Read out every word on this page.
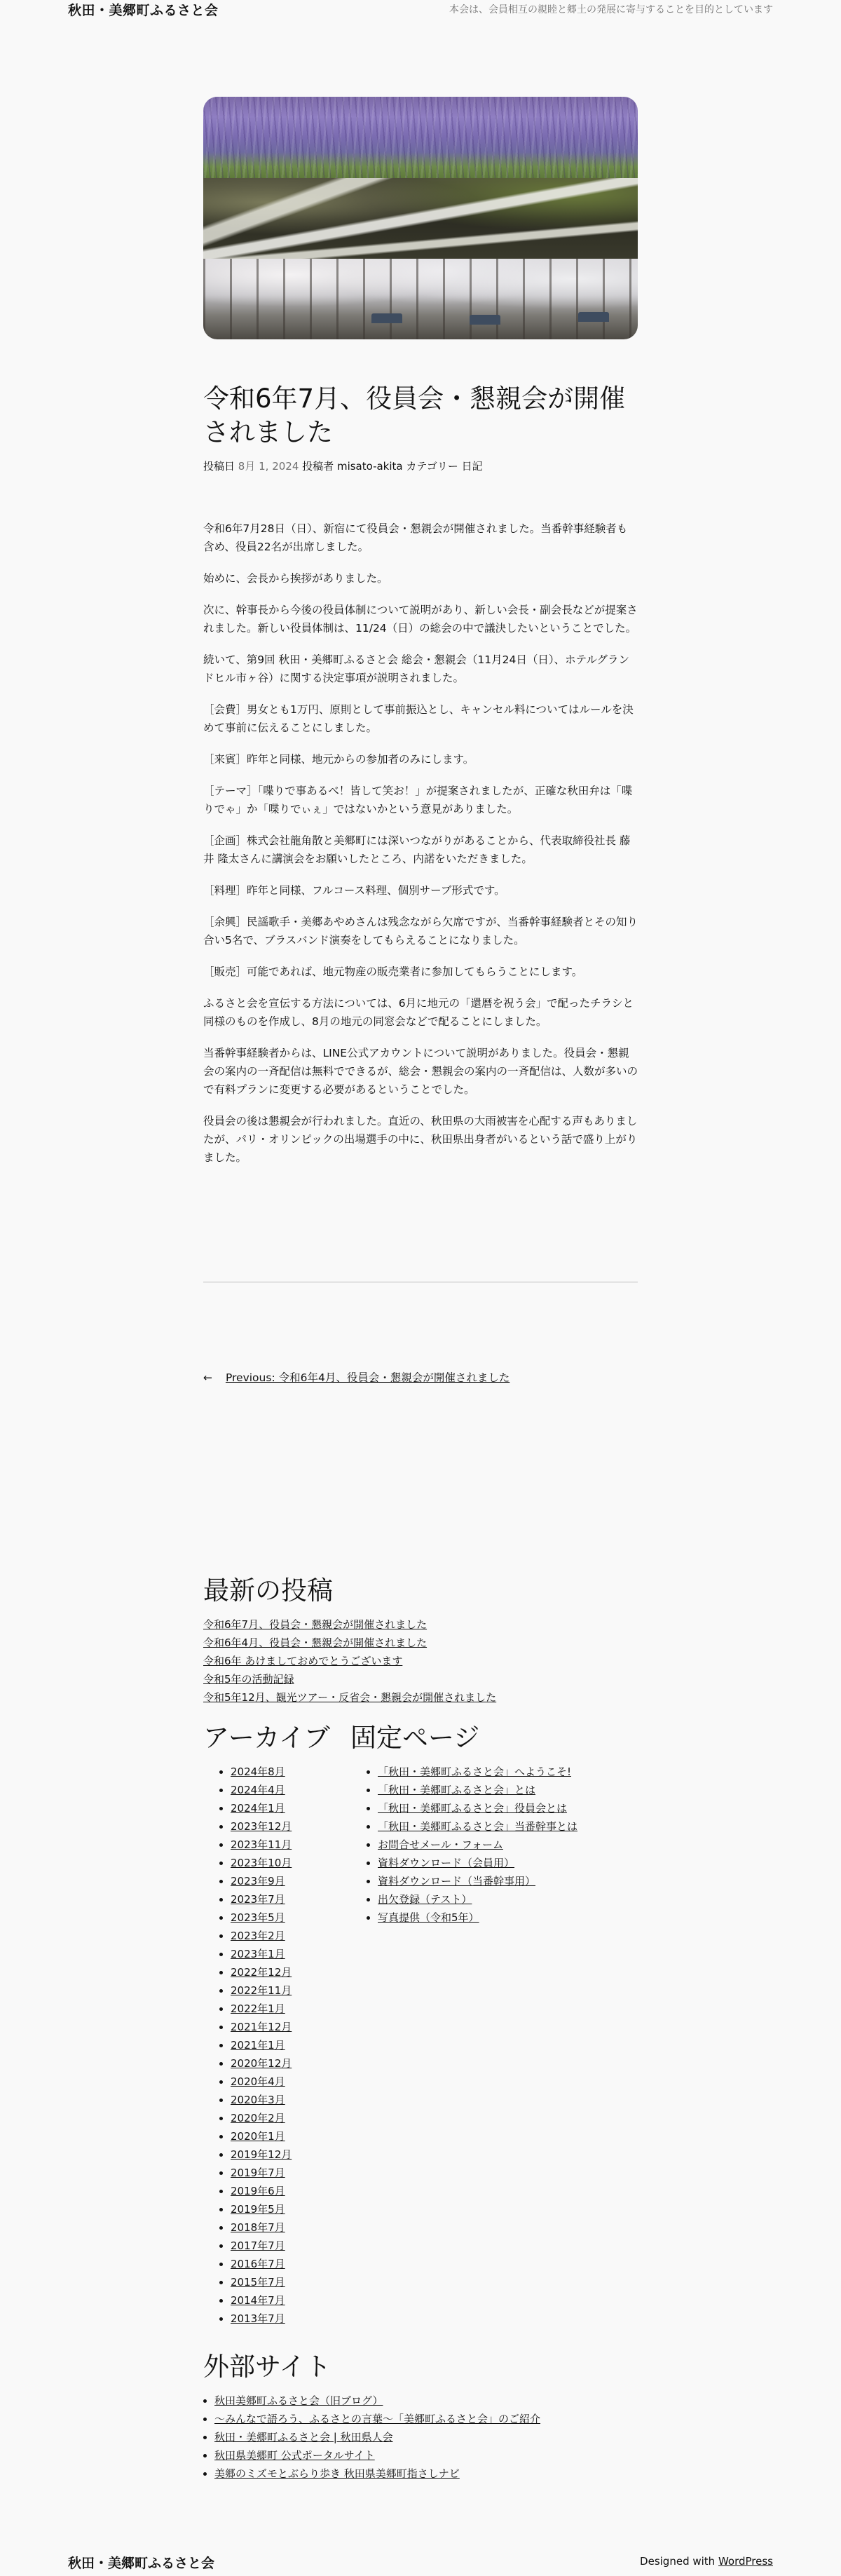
秋田・美郷町ふるさと会	本会は、会員相互の親睦と郷土の発展に寄与することを目的としています
令和6年7月、役員会・懇親会が開催されました
投稿日 8月 1, 2024 投稿者 misato-akita カテゴリー 日記

令和6年7月28日（日）、新宿にて役員会・懇親会が開催されました。当番幹事経験者も含め、役員22名が出席しました。

始めに、会長から挨拶がありました。

次に、幹事長から今後の役員体制について説明があり、新しい会長・副会長などが提案されました。新しい役員体制は、11/24（日）の総会の中で議決したいということでした。

続いて、第9回 秋田・美郷町ふるさと会 総会・懇親会（11月24日（日）、ホテルグランドヒル市ヶ谷）に関する決定事項が説明されました。

［会費］男女とも1万円、原則として事前振込とし、キャンセル料についてはルールを決めて事前に伝えることにしました。

［来賓］昨年と同様、地元からの参加者のみにします。

［テーマ］「喋りで事あるべ！皆して笑お！」が提案されましたが、正確な秋田弁は「喋りでゃ」か「喋りでぃぇ」ではないかという意見がありました。

［企画］株式会社龍角散と美郷町には深いつながりがあることから、代表取締役社長 藤井 隆太さんに講演会をお願いしたところ、内諾をいただきました。

［料理］昨年と同様、フルコース料理、個別サーブ形式です。

［余興］民謡歌手・美郷あやめさんは残念ながら欠席ですが、当番幹事経験者とその知り合い5名で、ブラスバンド演奏をしてもらえることになりました。

［販売］可能であれば、地元物産の販売業者に参加してもらうことにします。

ふるさと会を宣伝する方法については、6月に地元の「還暦を祝う会」で配ったチラシと同様のものを作成し、8月の地元の同窓会などで配ることにしました。

当番幹事経験者からは、LINE公式アカウントについて説明がありました。役員会・懇親会の案内の一斉配信は無料でできるが、総会・懇親会の案内の一斉配信は、人数が多いので有料プランに変更する必要があるということでした。

役員会の後は懇親会が行われました。直近の、秋田県の大雨被害を心配する声もありましたが、パリ・オリンピックの出場選手の中に、秋田県出身者がいるという話で盛り上がりました。

← Previous: 令和6年4月、役員会・懇親会が開催されました
最新の投稿
令和6年7月、役員会・懇親会が開催されました
令和6年4月、役員会・懇親会が開催されました
令和6年 あけましておめでとうございます
令和5年の活動記録
令和5年12月、観光ツアー・反省会・懇親会が開催されました
アーカイブ
• 2024年8月
• 2024年4月
• 2024年1月
• 2023年12月
• 2023年11月
• 2023年10月
• 2023年9月
• 2023年7月
• 2023年5月
• 2023年2月
• 2023年1月
• 2022年12月
• 2022年11月
• 2022年1月
• 2021年12月
• 2021年1月
• 2020年12月
• 2020年4月
• 2020年3月
• 2020年2月
• 2020年1月
• 2019年12月
• 2019年7月
• 2019年6月
• 2019年5月
• 2018年7月
• 2017年7月
• 2016年7月
• 2015年7月
• 2014年7月
• 2013年7月
固定ページ
• 「秋田・美郷町ふるさと会」へようこそ!
• 「秋田・美郷町ふるさと会」とは
• 「秋田・美郷町ふるさと会」役員会とは
• 「秋田・美郷町ふるさと会」当番幹事とは
• お問合せメール・フォーム
• 資料ダウンロード（会員用）
• 資料ダウンロード（当番幹事用）
• 出欠登録（テスト）
• 写真提供（令和5年）
外部サイト
• 秋田美郷町ふるさと会（旧ブログ）
• 〜みんなで語ろう、ふるさとの言葉〜「美郷町ふるさと会」のご紹介
• 秋田・美郷町ふるさと会 | 秋田県人会
• 秋田県美郷町 公式ポータルサイト
• 美郷のミズモとぶらり歩き 秋田県美郷町指さしナビ
秋田・美郷町ふるさと会	Designed with WordPress
